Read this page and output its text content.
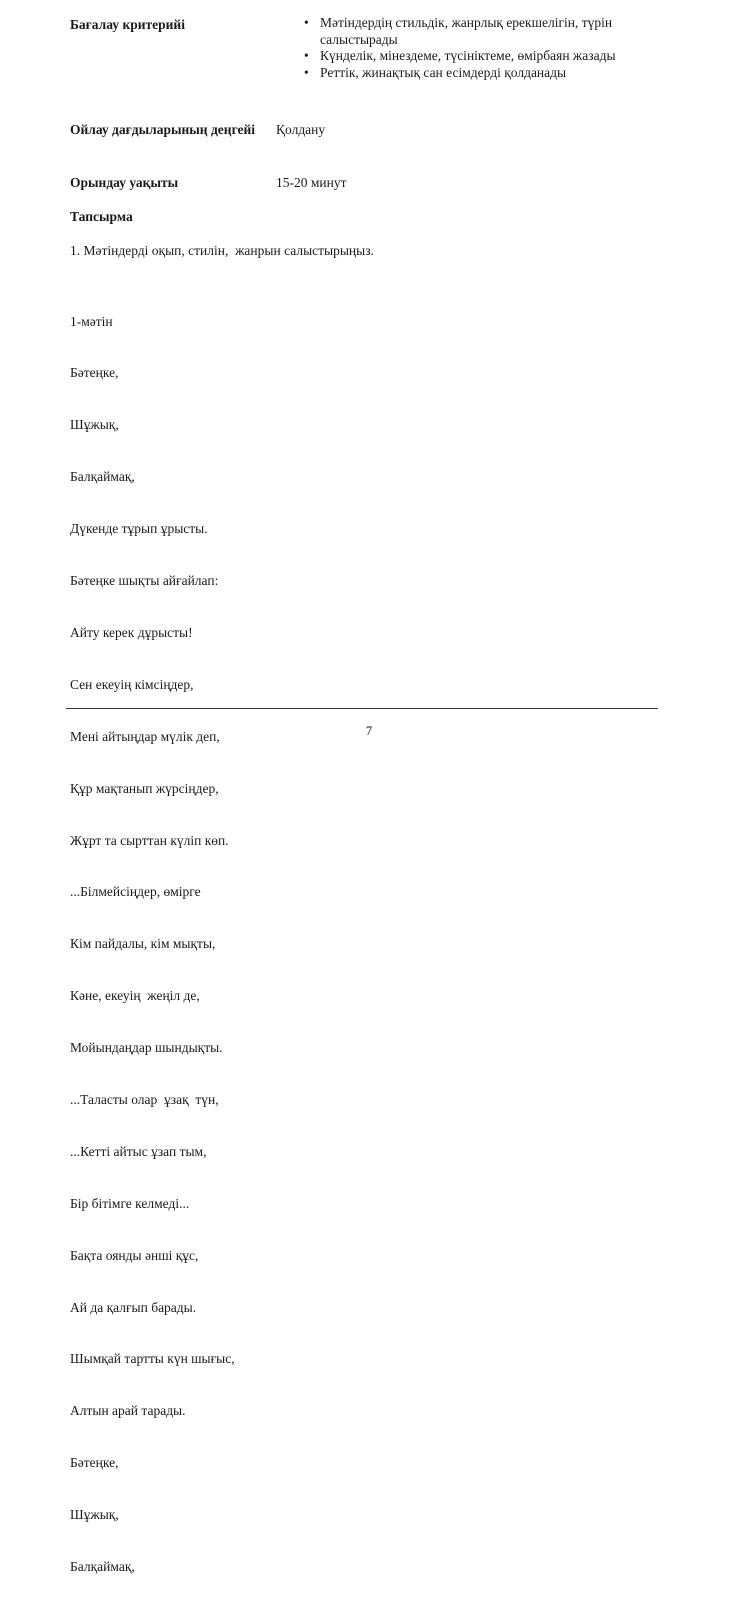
Бағалау критерийі	• Мәтіндердің стильдік, жанрлық ерекшелігін, түрін салыстырады
• Күнделік, мінездеме, түсініктеме, өмірбаян жазады
• Реттік, жинақтық сан есімдерді қолданады
Ойлау дағдыларының деңгейі	Қолдану
Орындау уақыты	15-20 минут
Тапсырма
1. Мәтіндерді оқып, стилін,  жанрын салыстырыңыз.

1-мәтін

Бәтеңке,

Шұжық,

Балқаймақ,

Дүкенде тұрып ұрысты.

Бәтеңке шықты айғайлап:

Айту керек дұрысты!

Сен екеуің кімсіңдер,

Мені айтыңдар мүлік деп,

Құр мақтанып жүрсіңдер,

Жұрт та сырттан күліп көп.

...Білмейсіңдер, өмірге

Кім пайдалы, кім мықты,

Кәне, екеуің  жеңіл де,

Мойындаңдар шындықты.

...Таласты олар  ұзақ  түн,

...Кетті айтыс ұзап тым,

Бір бітімге келмеді...

Бақта оянды әнші құс,

Ай да қалғып барады.

Шымқай тартты күн шығыс,

Алтын арай тарады.

Бәтеңке,

Шұжық,

Балқаймақ,

7
